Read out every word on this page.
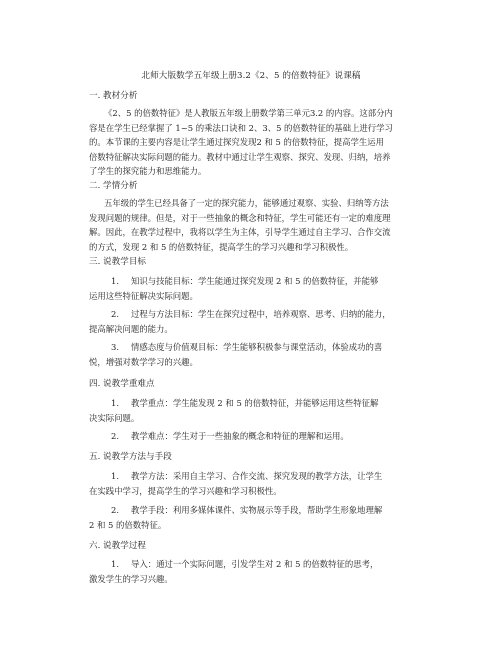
北师大版数学五年级上册3.2《2、5 的倍数特征》说课稿
一. 教材分析
《2、5 的倍数特征》是人教版五年级上册数学第三单元3.2 的内容。这部分内
容是在学生已经掌握了 1~5 的乘法口诀和 2、3、5 的倍数特征的基础上进行学习
的。本节课的主要内容是让学生通过探究发现2 和 5 的倍数特征，提高学生运用
倍数特征解决实际问题的能力。教材中通过让学生观察、探究、发现、归纳，培养
了学生的探究能力和思维能力。
二. 学情分析
五年级的学生已经具备了一定的探究能力，能够通过观察、实验、归纳等方法
发现问题的规律。但是，对于一些抽象的概念和特征，学生可能还有一定的难度理
解。因此，在教学过程中，我将以学生为主体，引导学生通过自主学习、合作交流
的方式，发现 2 和 5 的倍数特征，提高学生的学习兴趣和学习积极性。
三. 说教学目标
1. 知识与技能目标：学生能通过探究发现 2 和 5 的倍数特征，并能够
运用这些特征解决实际问题。
2. 过程与方法目标：学生在探究过程中，培养观察、思考、归纳的能力，
提高解决问题的能力。
3. 情感态度与价值观目标：学生能够积极参与课堂活动，体验成功的喜
悦，增强对数学学习的兴趣。
四. 说教学重难点
1. 教学重点：学生能发现 2 和 5 的倍数特征，并能够运用这些特征解
决实际问题。
2. 教学难点：学生对于一些抽象的概念和特征的理解和运用。
五. 说教学方法与手段
1. 教学方法：采用自主学习、合作交流、探究发现的教学方法，让学生
在实践中学习，提高学生的学习兴趣和学习积极性。
2. 教学手段：利用多媒体课件、实物展示等手段，帮助学生形象地理解
2 和 5 的倍数特征。
六. 说教学过程
1. 导入：通过一个实际问题，引发学生对 2 和 5 的倍数特征的思考，
激发学生的学习兴趣。
